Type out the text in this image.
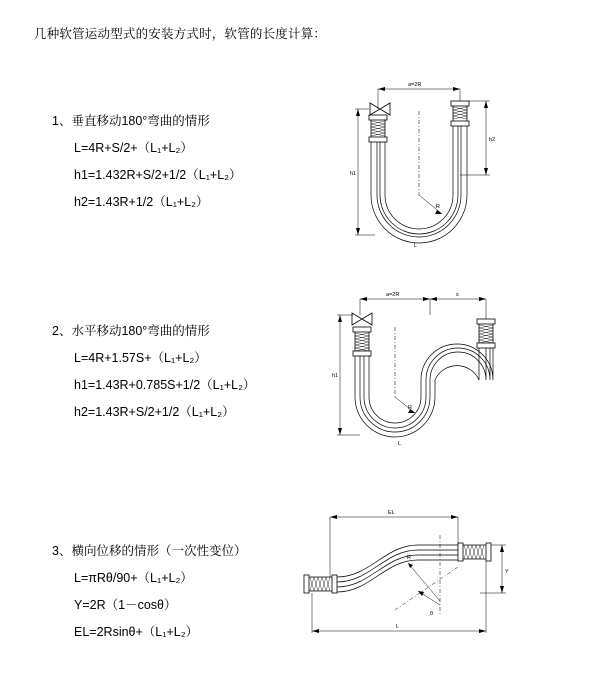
几种软管运动型式的安装方式时，软管的长度计算：
1、垂直移动180°弯曲的情形
L=4R+S/2+（L₁+L₂）
h1=1.432R+S/2+1/2（L₁+L₂）
h2=1.43R+1/2（L₁+L₂）
a=2R
R
h2
h1
L
2、水平移动180°弯曲的情形
L=4R+1.57S+（L₁+L₂）
h1=1.43R+0.785S+1/2（L₁+L₂）
h2=1.43R+S/2+1/2（L₁+L₂）
a=2R	s
R
h1
L
3、横向位移的情形（一次性变位）
L=πRθ/90+（L₁+L₂）
Y=2R（1－cosθ）
EL=2Rsinθ+（L₁+L₂）
EL
θ
R
Y
L
